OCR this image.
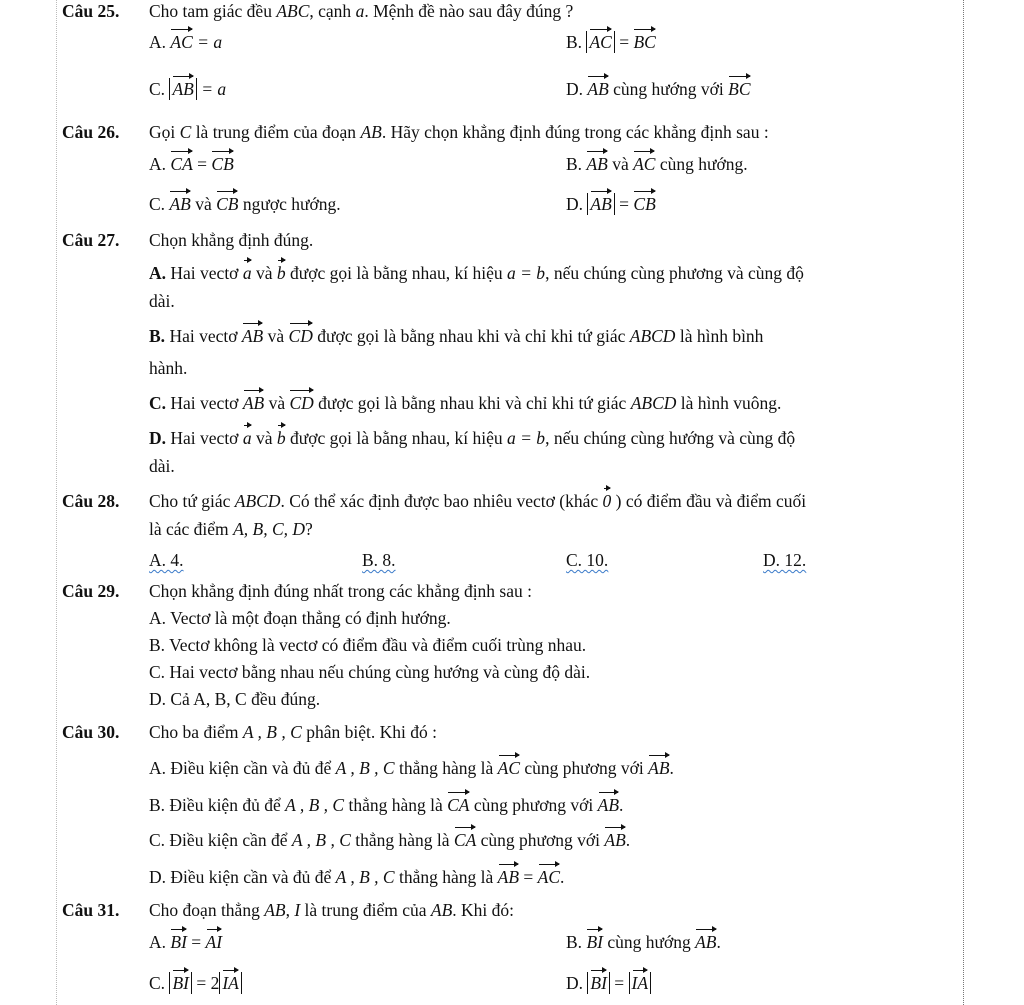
Câu 25. Cho tam giác đều ABC, cạnh a. Mệnh đề nào sau đây đúng ?
A. AC = a	B. AC = BC
C. AB = a	D. AB cùng hướng với BC
Câu 26. Gọi C là trung điểm của đoạn AB. Hãy chọn khẳng định đúng trong các khẳng định sau :
A. CA = CB	B. AB và AC cùng hướng.
C. AB và CB ngược hướng.	D. AB = CB
Câu 27. Chọn khẳng định đúng.
A. Hai vectơ a và b được gọi là bằng nhau, kí hiệu a = b, nếu chúng cùng phương và cùng độ
dài.
B. Hai vectơ AB và CD được gọi là bằng nhau khi và chỉ khi tứ giác ABCD là hình bình
hành.
C. Hai vectơ AB và CD được gọi là bằng nhau khi và chỉ khi tứ giác ABCD là hình vuông.
D. Hai vectơ a và b được gọi là bằng nhau, kí hiệu a = b, nếu chúng cùng hướng và cùng độ
dài.
Câu 28. Cho tứ giác ABCD. Có thể xác định được bao nhiêu vectơ (khác 0 ) có điểm đầu và điểm cuối
là các điểm A, B, C, D?
A. 4.	B. 8.	C. 10.	D. 12.
Câu 29. Chọn khẳng định đúng nhất trong các khẳng định sau :
A. Vectơ là một đoạn thẳng có định hướng.
B. Vectơ không là vectơ có điểm đầu và điểm cuối trùng nhau.
C. Hai vectơ bằng nhau nếu chúng cùng hướng và cùng độ dài.
D. Cả A, B, C đều đúng.
Câu 30. Cho ba điểm A , B , C phân biệt. Khi đó :
A. Điều kiện cần và đủ để A , B , C thẳng hàng là AC cùng phương với AB.
B. Điều kiện đủ để A , B , C thẳng hàng là CA cùng phương với AB.
C. Điều kiện cần để A , B , C thẳng hàng là CA cùng phương với AB.
D. Điều kiện cần và đủ để A , B , C thẳng hàng là AB = AC.
Câu 31. Cho đoạn thẳng AB, I là trung điểm của AB. Khi đó:
A. BI = AI	B. BI cùng hướng AB.
C. BI = 2 IA	D. BI = IA
